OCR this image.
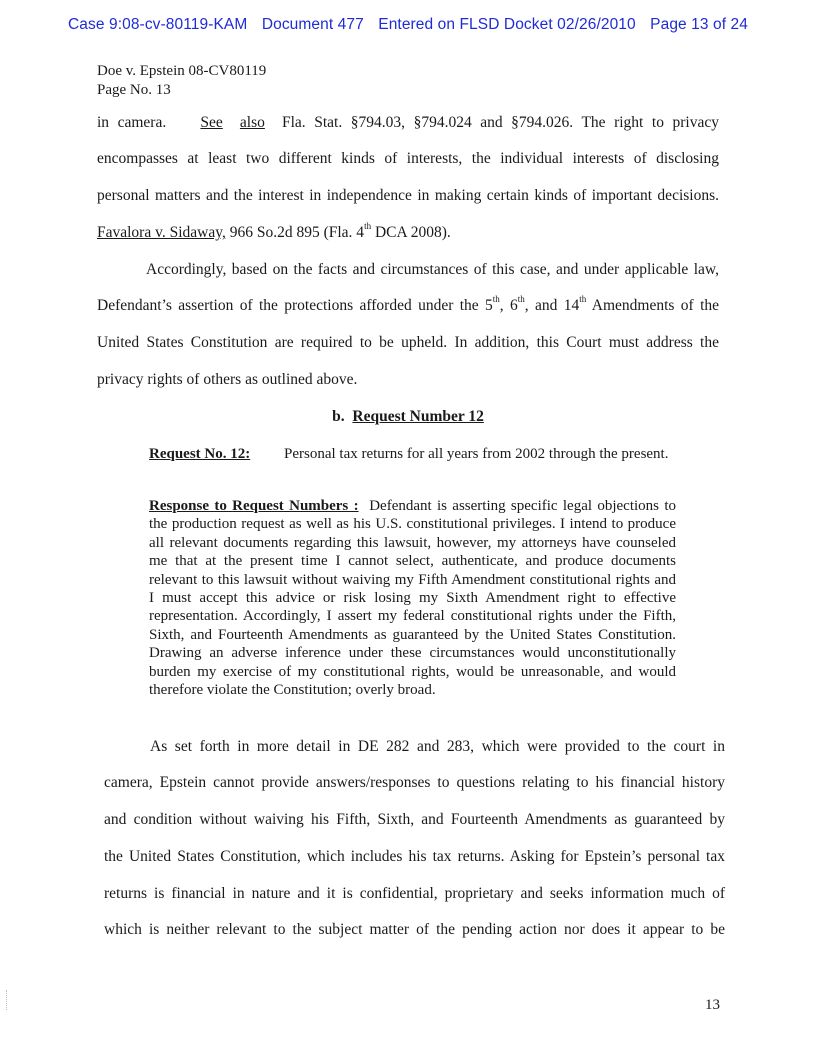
Case 9:08-cv-80119-KAM Document 477 Entered on FLSD Docket 02/26/2010 Page 13 of 24
Doe v. Epstein 08-CV80119
Page No. 13
in camera. See also Fla. Stat. §794.03, §794.024 and §794.026. The right to privacy
encompasses at least two different kinds of interests, the individual interests of disclosing
personal matters and the interest in independence in making certain kinds of important decisions.
Favalora v. Sidaway, 966 So.2d 895 (Fla. 4th DCA 2008).
Accordingly, based on the facts and circumstances of this case, and under applicable law,
Defendant’s assertion of the protections afforded under the 5th, 6th, and 14th Amendments of the
United States Constitution are required to be upheld. In addition, this Court must address the
privacy rights of others as outlined above.
b. Request Number 12
Request No. 12: Personal tax returns for all years from 2002 through the present.
Response to Request Numbers : Defendant is asserting specific legal objections to the production request as well as his U.S. constitutional privileges. I intend to produce all relevant documents regarding this lawsuit, however, my attorneys have counseled me that at the present time I cannot select, authenticate, and produce documents relevant to this lawsuit without waiving my Fifth Amendment constitutional rights and I must accept this advice or risk losing my Sixth Amendment right to effective representation. Accordingly, I assert my federal constitutional rights under the Fifth, Sixth, and Fourteenth Amendments as guaranteed by the United States Constitution. Drawing an adverse inference under these circumstances would unconstitutionally burden my exercise of my constitutional rights, would be unreasonable, and would therefore violate the Constitution; overly broad.
As set forth in more detail in DE 282 and 283, which were provided to the court in
camera, Epstein cannot provide answers/responses to questions relating to his financial history
and condition without waiving his Fifth, Sixth, and Fourteenth Amendments as guaranteed by
the United States Constitution, which includes his tax returns. Asking for Epstein’s personal tax
returns is financial in nature and it is confidential, proprietary and seeks information much of
which is neither relevant to the subject matter of the pending action nor does it appear to be
13
